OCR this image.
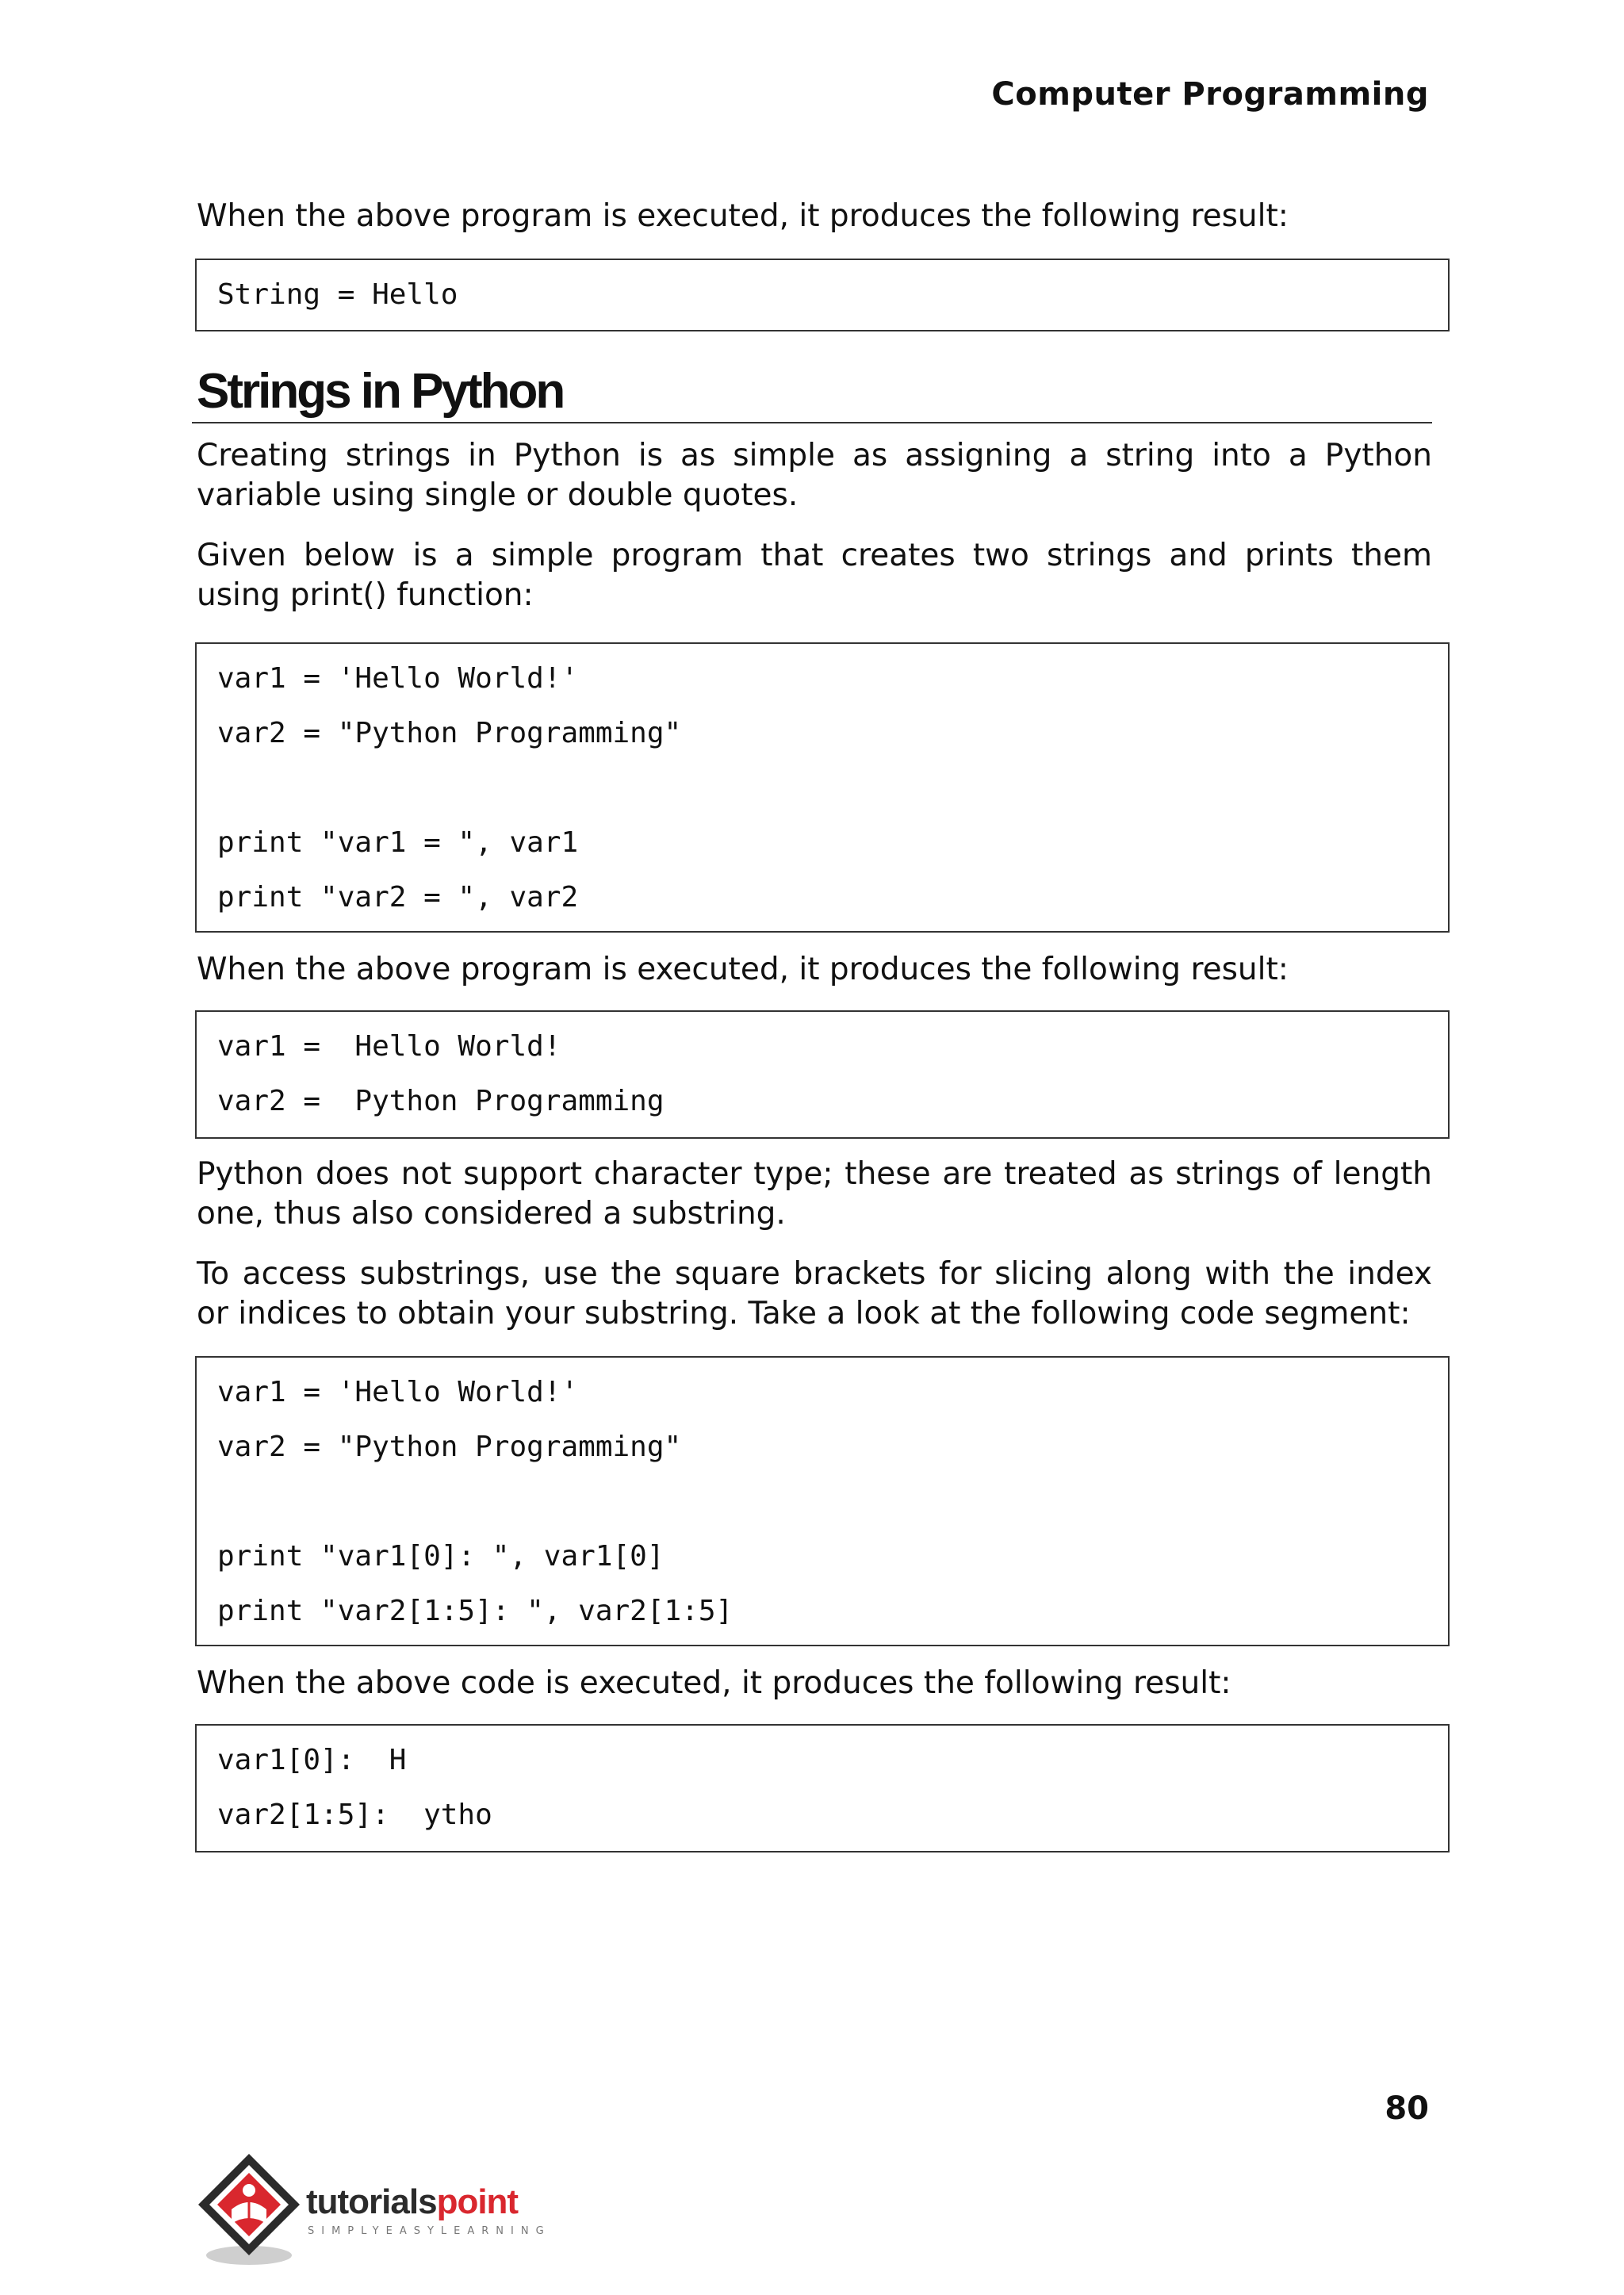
Computer Programming
When the above program is executed, it produces the following result:
String = Hello
Strings in Python
Creating strings in Python is as simple as assigning a string into a Python variable using single or double quotes.
Given below is a simple program that creates two strings and prints them using print() function:
var1 = 'Hello World!'
var2 = "Python Programming"
print "var1 = ", var1
print "var2 = ", var2
When the above program is executed, it produces the following result:
var1 =  Hello World!
var2 =  Python Programming
Python does not support character type; these are treated as strings of length one, thus also considered a substring.
To access substrings, use the square brackets for slicing along with the index or indices to obtain your substring. Take a look at the following code segment:
var1 = 'Hello World!'
var2 = "Python Programming"
print "var1[0]: ", var1[0]
print "var2[1:5]: ", var2[1:5]
When the above code is executed, it produces the following result:
var1[0]:  H
var2[1:5]:  ytho
80
tutorialspoint
SIMPLYEASYLEARNING
